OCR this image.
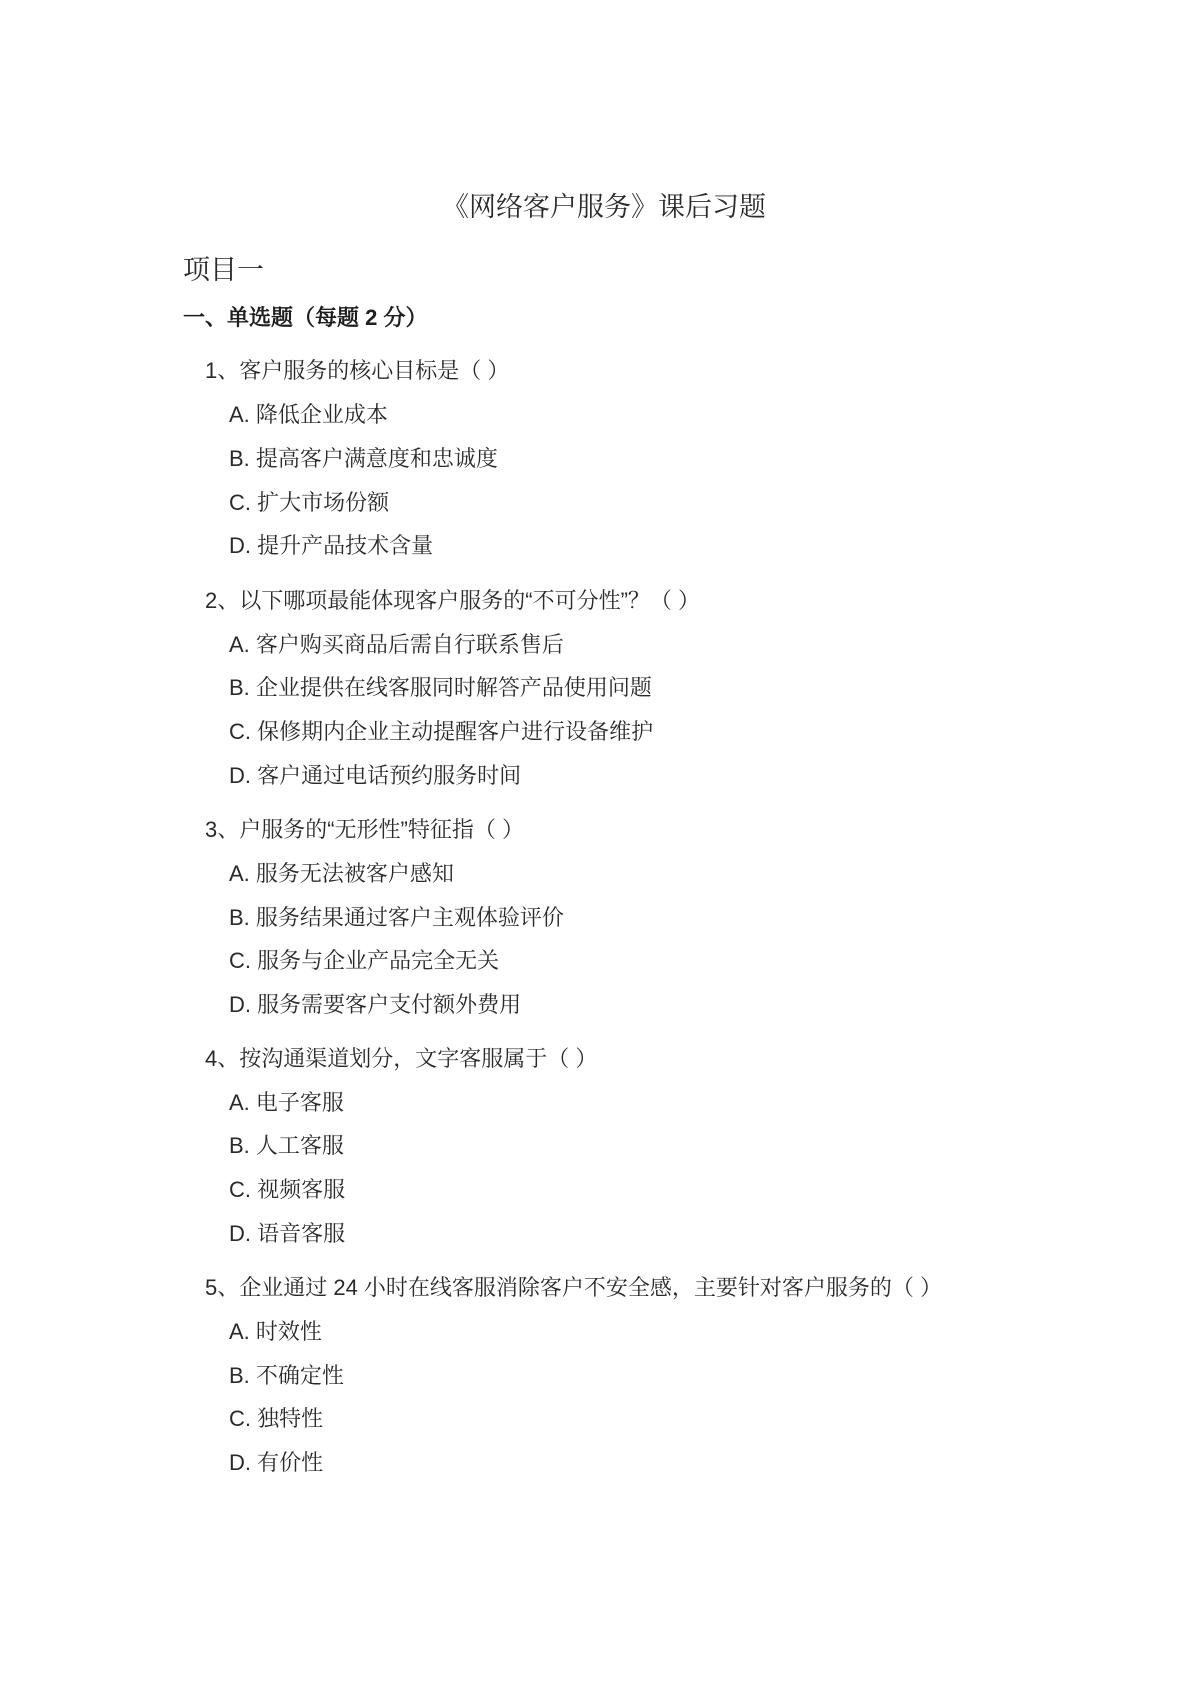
《网络客户服务》课后习题
项目一
一、单选题（每题 2 分）
1、客户服务的核心目标是（ ）
A. 降低企业成本
B. 提高客户满意度和忠诚度
C. 扩大市场份额
D. 提升产品技术含量
2、以下哪项最能体现客户服务的“不可分性”？（ ）
A. 客户购买商品后需自行联系售后
B. 企业提供在线客服同时解答产品使用问题
C. 保修期内企业主动提醒客户进行设备维护
D. 客户通过电话预约服务时间
3、户服务的“无形性”特征指（ ）
A. 服务无法被客户感知
B. 服务结果通过客户主观体验评价
C. 服务与企业产品完全无关
D. 服务需要客户支付额外费用
4、按沟通渠道划分，文字客服属于（ ）
A. 电子客服
B. 人工客服
C. 视频客服
D. 语音客服
5、企业通过 24 小时在线客服消除客户不安全感，主要针对客户服务的（ ）
A. 时效性
B. 不确定性
C. 独特性
D. 有价性
